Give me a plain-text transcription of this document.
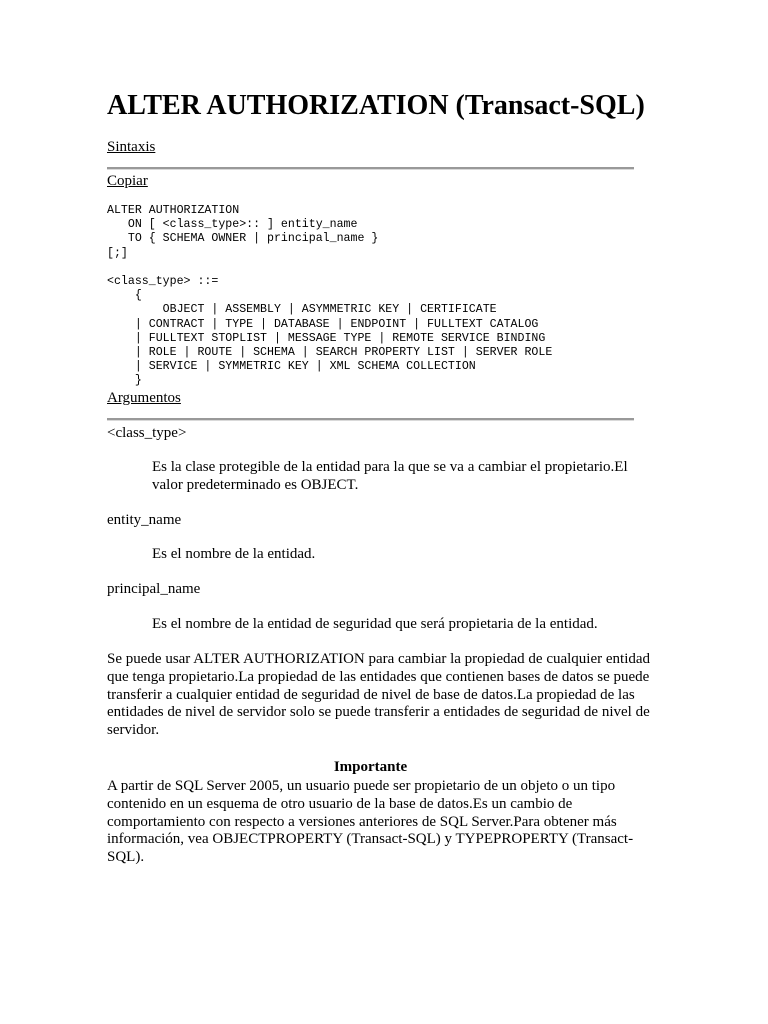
ALTER AUTHORIZATION (Transact-SQL)
Sintaxis
Copiar
ALTER AUTHORIZATION
ON [ <class_type>:: ] entity_name
TO { SCHEMA OWNER | principal_name }
[;]

<class_type> ::=
{
OBJECT | ASSEMBLY | ASYMMETRIC KEY | CERTIFICATE
| CONTRACT | TYPE | DATABASE | ENDPOINT | FULLTEXT CATALOG
| FULLTEXT STOPLIST | MESSAGE TYPE | REMOTE SERVICE BINDING
| ROLE | ROUTE | SCHEMA | SEARCH PROPERTY LIST | SERVER ROLE
| SERVICE | SYMMETRIC KEY | XML SCHEMA COLLECTION
}
Argumentos
<class_type>
Es la clase protegible de la entidad para la que se va a cambiar el propietario.El valor predeterminado es OBJECT.
entity_name
Es el nombre de la entidad.
principal_name
Es el nombre de la entidad de seguridad que será propietaria de la entidad.
Se puede usar ALTER AUTHORIZATION para cambiar la propiedad de cualquier entidad que tenga propietario.La propiedad de las entidades que contienen bases de datos se puede transferir a cualquier entidad de seguridad de nivel de base de datos.La propiedad de las entidades de nivel de servidor solo se puede transferir a entidades de seguridad de nivel de servidor.
Importante
A partir de SQL Server 2005, un usuario puede ser propietario de un objeto o un tipo contenido en un esquema de otro usuario de la base de datos.Es un cambio de comportamiento con respecto a versiones anteriores de SQL Server.Para obtener más información, vea OBJECTPROPERTY (Transact-SQL) y TYPEPROPERTY (Transact-SQL).
